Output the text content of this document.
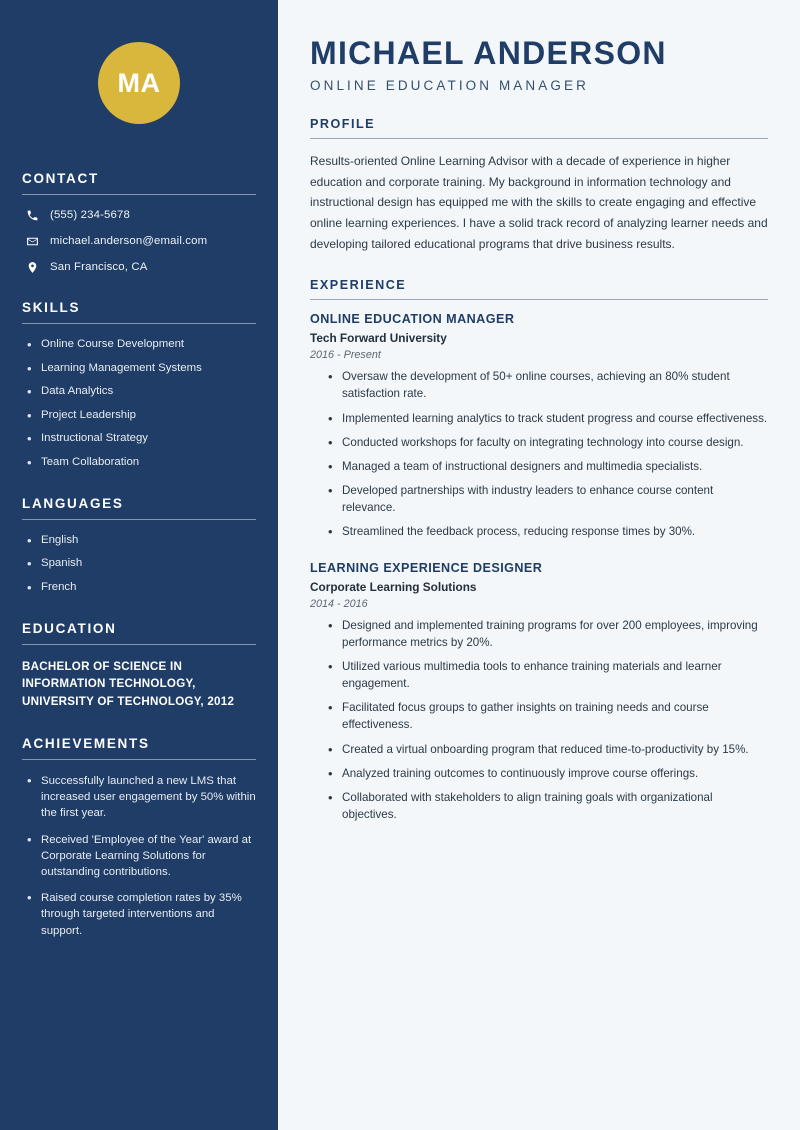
MA
CONTACT
(555) 234-5678
michael.anderson@email.com
San Francisco, CA
SKILLS
• Online Course Development
• Learning Management Systems
• Data Analytics
• Project Leadership
• Instructional Strategy
• Team Collaboration
LANGUAGES
• English
• Spanish
• French
EDUCATION
BACHELOR OF SCIENCE IN
INFORMATION TECHNOLOGY,
UNIVERSITY OF TECHNOLOGY, 2012
ACHIEVEMENTS
• Successfully launched a new LMS that increased user engagement by 50% within the first year.
• Received 'Employee of the Year' award at Corporate Learning Solutions for outstanding contributions.
• Raised course completion rates by 35% through targeted interventions and support.
MICHAEL ANDERSON
ONLINE EDUCATION MANAGER
PROFILE

Results-oriented Online Learning Advisor with a decade of experience in higher education and corporate training. My background in information technology and instructional design has equipped me with the skills to create engaging and effective online learning experiences. I have a solid track record of analyzing learner needs and developing tailored educational programs that drive business results.

EXPERIENCE
ONLINE EDUCATION MANAGER
Tech Forward University
2016 - Present
• Oversaw the development of 50+ online courses, achieving an 80% student satisfaction rate.
• Implemented learning analytics to track student progress and course effectiveness.
• Conducted workshops for faculty on integrating technology into course design.
• Managed a team of instructional designers and multimedia specialists.
• Developed partnerships with industry leaders to enhance course content relevance.
• Streamlined the feedback process, reducing response times by 30%.
LEARNING EXPERIENCE DESIGNER
Corporate Learning Solutions
2014 - 2016
• Designed and implemented training programs for over 200 employees, improving performance metrics by 20%.
• Utilized various multimedia tools to enhance training materials and learner engagement.
• Facilitated focus groups to gather insights on training needs and course effectiveness.
• Created a virtual onboarding program that reduced time-to-productivity by 15%.
• Analyzed training outcomes to continuously improve course offerings.
• Collaborated with stakeholders to align training goals with organizational objectives.
